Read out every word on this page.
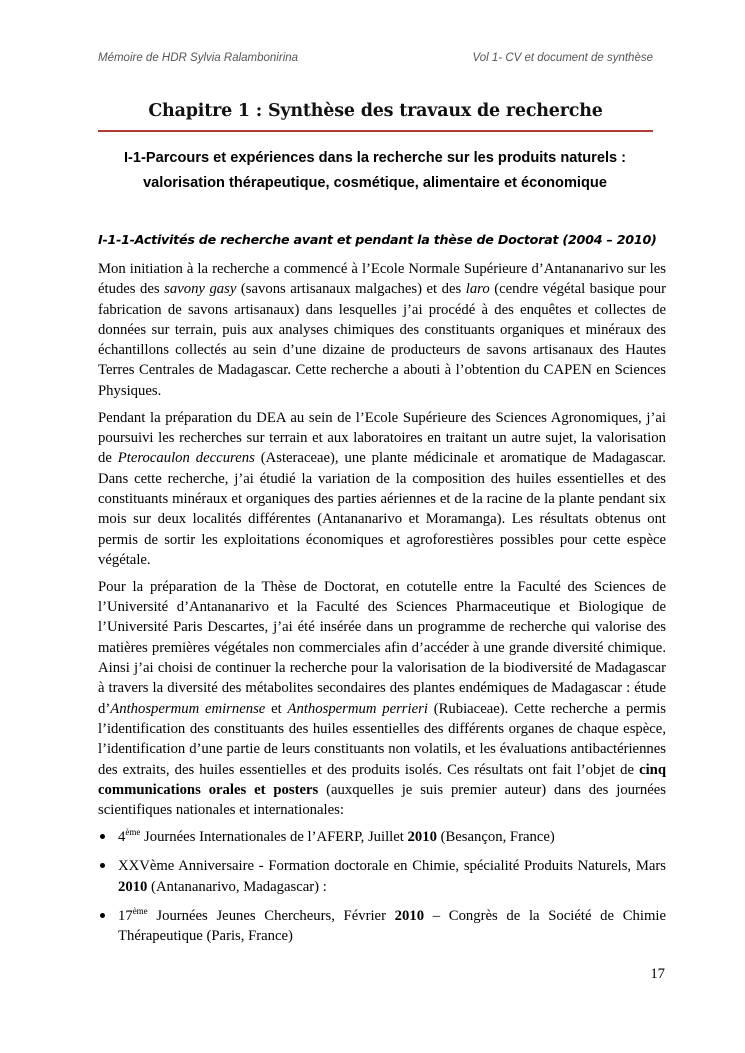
Mémoire de HDR Sylvia Ralambonirina	Vol 1- CV et document de synthèse
Chapitre 1 : Synthèse des travaux de recherche
I-1-Parcours et expériences dans la recherche sur les produits naturels : valorisation thérapeutique, cosmétique, alimentaire et économique
I-1-1-Activités de recherche avant et pendant la thèse de Doctorat (2004 – 2010)

Mon initiation à la recherche a commencé à l’Ecole Normale Supérieure d’Antananarivo sur les études des savony gasy (savons artisanaux malgaches) et des laro (cendre végétal basique pour fabrication de savons artisanaux) dans lesquelles j’ai procédé à des enquêtes et collectes de données sur terrain, puis aux analyses chimiques des constituants organiques et minéraux des échantillons collectés au sein d’une dizaine de producteurs de savons artisanaux des Hautes Terres Centrales de Madagascar. Cette recherche a abouti à l’obtention du CAPEN en Sciences Physiques.

Pendant la préparation du DEA au sein de l’Ecole Supérieure des Sciences Agronomiques, j’ai poursuivi les recherches sur terrain et aux laboratoires en traitant un autre sujet, la valorisation de Pterocaulon deccurens (Asteraceae), une plante médicinale et aromatique de Madagascar. Dans cette recherche, j’ai étudié la variation de la composition des huiles essentielles et des constituants minéraux et organiques des parties aériennes et de la racine de la plante pendant six mois sur deux localités différentes (Antananarivo et Moramanga). Les résultats obtenus ont permis de sortir les exploitations économiques et agroforestières possibles pour cette espèce végétale.

Pour la préparation de la Thèse de Doctorat, en cotutelle entre la Faculté des Sciences de l’Université d’Antananarivo et la Faculté des Sciences Pharmaceutique et Biologique de l’Université Paris Descartes, j’ai été insérée dans un programme de recherche qui valorise des matières premières végétales non commerciales afin d’accéder à une grande diversité chimique. Ainsi j’ai choisi de continuer la recherche pour la valorisation de la biodiversité de Madagascar à travers la diversité des métabolites secondaires des plantes endémiques de Madagascar : étude d’Anthospermum emirnense et Anthospermum perrieri (Rubiaceae). Cette recherche a permis l’identification des constituants des huiles essentielles des différents organes de chaque espèce, l’identification d’une partie de leurs constituants non volatils, et les évaluations antibactériennes des extraits, des huiles essentielles et des produits isolés. Ces résultats ont fait l’objet de cinq communications orales et posters (auxquelles je suis premier auteur) dans des journées scientifiques nationales et internationales:

4ème Journées Internationales de l’AFERP, Juillet 2010 (Besançon, France)
XXVème Anniversaire - Formation doctorale en Chimie, spécialité Produits Naturels, Mars 2010 (Antananarivo, Madagascar) :
17ème Journées Jeunes Chercheurs, Février 2010 – Congrès de la Société de Chimie Thérapeutique (Paris, France)
17
